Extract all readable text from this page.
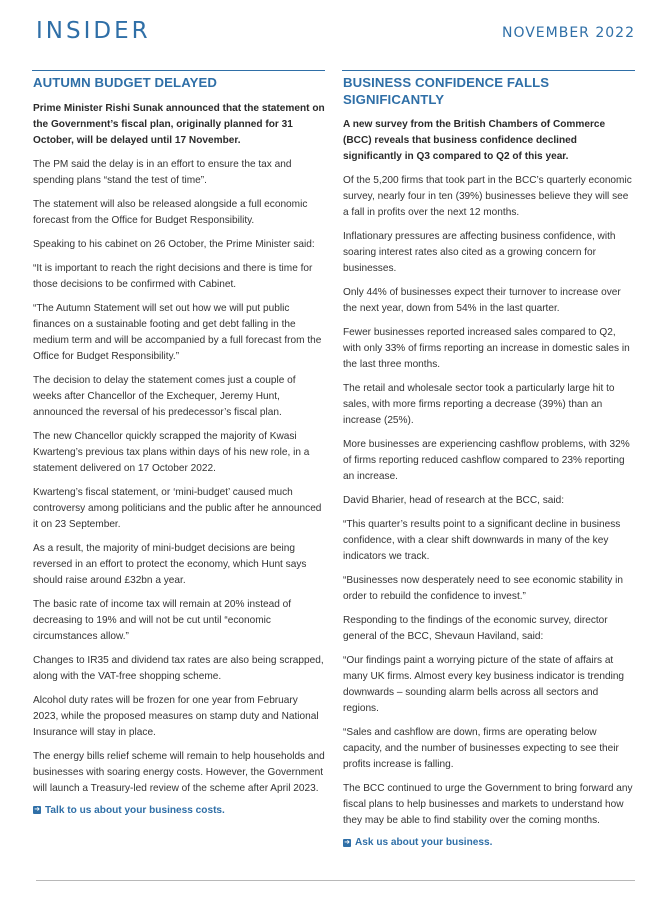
INSIDER	NOVEMBER 2022
AUTUMN BUDGET DELAYED

Prime Minister Rishi Sunak announced that the statement on the Government’s fiscal plan, originally planned for 31 October, will be delayed until 17 November.

The PM said the delay is in an effort to ensure the tax and spending plans “stand the test of time”.

The statement will also be released alongside a full economic forecast from the Office for Budget Responsibility.

Speaking to his cabinet on 26 October, the Prime Minister said:

“It is important to reach the right decisions and there is time for those decisions to be confirmed with Cabinet.

“The Autumn Statement will set out how we will put public finances on a sustainable footing and get debt falling in the medium term and will be accompanied by a full forecast from the Office for Budget Responsibility.”

The decision to delay the statement comes just a couple of weeks after Chancellor of the Exchequer, Jeremy Hunt, announced the reversal of his predecessor’s fiscal plan.

The new Chancellor quickly scrapped the majority of Kwasi Kwarteng’s previous tax plans within days of his new role, in a statement delivered on 17 October 2022.

Kwarteng’s fiscal statement, or ‘mini-budget’ caused much controversy among politicians and the public after he announced it on 23 September.

As a result, the majority of mini-budget decisions are being reversed in an effort to protect the economy, which Hunt says should raise around £32bn a year.

The basic rate of income tax will remain at 20% instead of decreasing to 19% and will not be cut until “economic circumstances allow.”

Changes to IR35 and dividend tax rates are also being scrapped, along with the VAT-free shopping scheme.

Alcohol duty rates will be frozen for one year from February 2023, while the proposed measures on stamp duty and National Insurance will stay in place.

The energy bills relief scheme will remain to help households and businesses with soaring energy costs. However, the Government will launch a Treasury-led review of the scheme after April 2023.

➜ Talk to us about your business costs.
BUSINESS CONFIDENCE FALLS SIGNIFICANTLY

A new survey from the British Chambers of Commerce (BCC) reveals that business confidence declined significantly in Q3 compared to Q2 of this year.

Of the 5,200 firms that took part in the BCC’s quarterly economic survey, nearly four in ten (39%) businesses believe they will see a fall in profits over the next 12 months.

Inflationary pressures are affecting business confidence, with soaring interest rates also cited as a growing concern for businesses.

Only 44% of businesses expect their turnover to increase over the next year, down from 54% in the last quarter.

Fewer businesses reported increased sales compared to Q2, with only 33% of firms reporting an increase in domestic sales in the last three months.

The retail and wholesale sector took a particularly large hit to sales, with more firms reporting a decrease (39%) than an increase (25%).

More businesses are experiencing cashflow problems, with 32% of firms reporting reduced cashflow compared to 23% reporting an increase.

David Bharier, head of research at the BCC, said:

“This quarter’s results point to a significant decline in business confidence, with a clear shift downwards in many of the key indicators we track.

“Businesses now desperately need to see economic stability in order to rebuild the confidence to invest.”

Responding to the findings of the economic survey, director general of the BCC, Shevaun Haviland, said:

“Our findings paint a worrying picture of the state of affairs at many UK firms. Almost every key business indicator is trending downwards – sounding alarm bells across all sectors and regions.

“Sales and cashflow are down, firms are operating below capacity, and the number of businesses expecting to see their profits increase is falling.

The BCC continued to urge the Government to bring forward any fiscal plans to help businesses and markets to understand how they may be able to find stability over the coming months.

➜ Ask us about your business.
